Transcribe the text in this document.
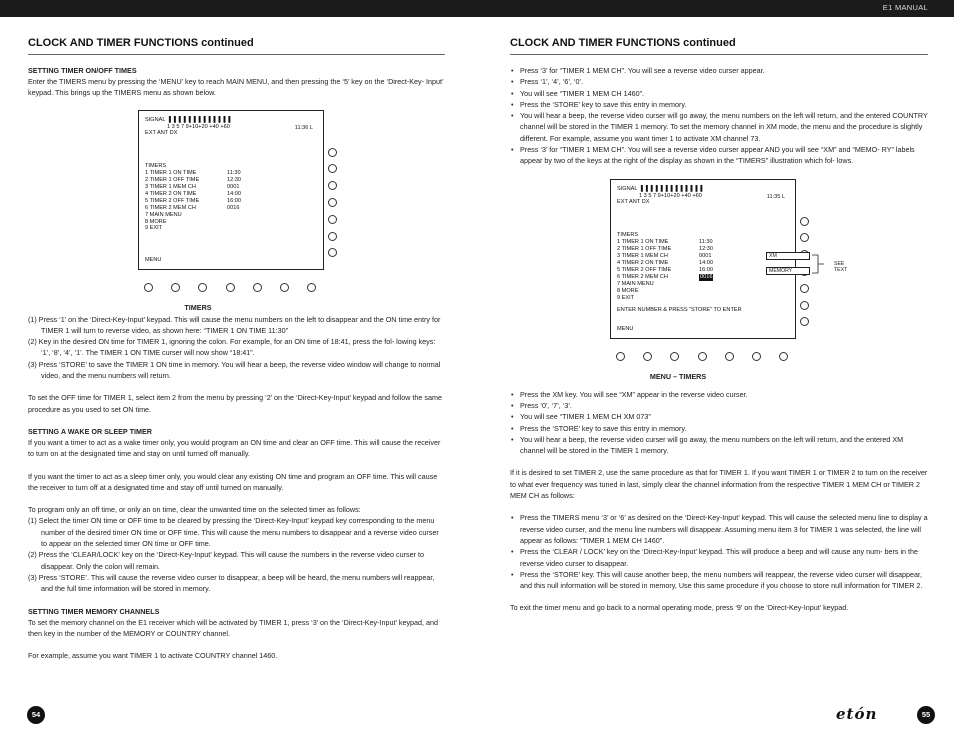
E1 MANUAL
CLOCK AND TIMER FUNCTIONS continued
SETTING TIMER ON/OFF TIMES

Enter the TIMERS menu by pressing the ‘MENU’ key to reach MAIN MENU, and then pressing the ‘5’ key on the ‘Direct-Key- Input’ keypad. This brings up the TIMERS menu as shown below.

SIGNAL ▌▌▌▌▌▌▌▌▌▌▌▌▌
1 3 5 7 9+10+20 +40 +60
EXT ANT DX
11:36 L
TIMERS
1 TIMER 1 ON TIME	11:30
2 TIMER 1 OFF TIME	12:30
3 TIMER 1 MEM CH	0001
4 TIMER 2 ON TIME	14:00
5 TIMER 2 OFF TIME	16:00
6 TIMER 2 MEM CH	0016
7 MAIN MENU
8 MORE
9 EXIT
MENU
TIMERS
(1) Press ‘1’ on the ‘Direct-Key-Input’ keypad. This will cause the menu numbers on the left to disappear and the ON time entry for TIMER 1 will turn to reverse video, as shown here: “TIMER 1 ON TIME 11:30”
(2) Key in the desired ON time for TIMER 1, ignoring the colon. For example, for an ON time of 18:41, press the fol- lowing keys: ‘1’, ‘8’, ‘4’, ‘1’. The TIMER 1 ON TIME curser will now show “18:41”.
(3) Press ‘STORE’ to save the TIMER 1 ON time in memory. You will hear a beep, the reverse video window will change to normal video, and the menu numbers will return.

To set the OFF time for TIMER 1, select item 2 from the menu by pressing ‘2’ on the ‘Direct-Key-Input’ keypad and follow the same procedure as you used to set ON time.

SETTING A WAKE OR SLEEP TIMER

If you want a timer to act as a wake timer only, you would program an ON time and clear an OFF time. This will cause the receiver to turn on at the designated time and stay on until turned off manually.

If you want the timer to act as a sleep timer only, you would clear any existing ON time and program an OFF time. This will cause the receiver to turn off at a designated time and stay off until turned on manually.

To program only an off time, or only an on time, clear the unwanted time on the selected timer as follows:

(1) Select the timer ON time or OFF time to be cleared by pressing the ‘Direct-Key-Input’ keypad key corresponding to the menu number of the desired timer ON time or OFF time. This will cause the menu numbers to disappear and a reverse video curser to appear on the selected timer ON time or OFF time.
(2) Press the ‘CLEAR/LOCK’ key on the ‘Direct-Key-Input’ keypad. This will cause the numbers in the reverse video curser to disappear. Only the colon will remain.
(3) Press ‘STORE’. This will cause the reverse video curser to disappear, a beep will be heard, the menu numbers will reappear, and the full time information will be stored in memory.
SETTING TIMER MEMORY CHANNELS

To set the memory channel on the E1 receiver which will be activated by TIMER 1, press ‘3’ on the ‘Direct-Key-Input’ keypad, and then key in the number of the MEMORY or COUNTRY channel.

For example, assume you want TIMER 1 to activate COUNTRY channel 1460.

54
CLOCK AND TIMER FUNCTIONS continued
• Press ‘3’ for “TIMER 1 MEM CH”. You will see a reverse video curser appear.
• Press ‘1’, ‘4’, ‘6’, ‘0’.
• You will see “TIMER 1 MEM CH 1460”.
• Press the ‘STORE’ key to save this entry in memory.
• You will hear a beep, the reverse video curser will go away, the menu numbers on the left will return, and the entered COUNTRY channel will be stored in the TIMER 1 memory. To set the memory channel in XM mode, the menu and the procedure is slightly different. For example, assume you want timer 1 to activate XM channel 73.
• Press ‘3’ for “TIMER 1 MEM CH”. You will see a reverse video curser appear AND you will see “XM” and “MEMO- RY” labels appear by two of the keys at the right of the display as shown in the “TIMERS” illustration which fol- lows.
SIGNAL ▌▌▌▌▌▌▌▌▌▌▌▌▌
1 3 5 7 9+10+20 +40 +60
EXT ANT DX
11:35 L
TIMERS
1 TIMER 1 ON TIME	11:30
2 TIMER 1 OFF TIME	12:30
3 TIMER 1 MEM CH	0001
4 TIMER 2 ON TIME	14:00
5 TIMER 2 OFF TIME	16:00
6 TIMER 2 MEM CH	0016
7 MAIN MENU
8 MORE
9 EXIT
ENTER NUMBER & PRESS “STORE” TO ENTER
MENU
XM
MEMORY
SEE TEXT
MENU – TIMERS
• Press the XM key. You will see “XM” appear in the reverse video curser.
• Press ‘0’, ‘7’, ‘3’.
• You will see “TIMER 1 MEM CH XM 073”
• Press the ‘STORE’ key to save this entry in memory.
• You will hear a beep, the reverse video curser will go away, the menu numbers on the left will return, and the entered XM channel will be stored in the TIMER 1 memory.

If it is desired to set TIMER 2, use the same procedure as that for TIMER 1. If you want TIMER 1 or TIMER 2 to turn on the receiver to what ever frequency was tuned in last, simply clear the channel information from the respective TIMER 1 MEM CH or TIMER 2 MEM CH as follows:

• Press the TIMERS menu ‘3’ or ‘6’ as desired on the ‘Direct-Key-Input’ keypad. This will cause the selected menu line to display a reverse video curser, and the menu line numbers will disappear. Assuming menu item 3 for TIMER 1 was selected, the line will appear as follows: “TIMER 1 MEM CH 1460”.
• Press the ‘CLEAR / LOCK’ key on the ‘Direct-Key-Input’ keypad. This will produce a beep and will cause any num- bers in the reverse video curser to disappear.
• Press the ‘STORE’ key. This will cause another beep, the menu numbers will reappear, the reverse video curser will disappear, and this null information will be stored in memory, Use this same procedure if you choose to store null information for TIMER 2.

To exit the timer menu and go back to a normal operating mode, press ‘9’ on the ‘Direct-Key-Input’ keypad.

etón	55
